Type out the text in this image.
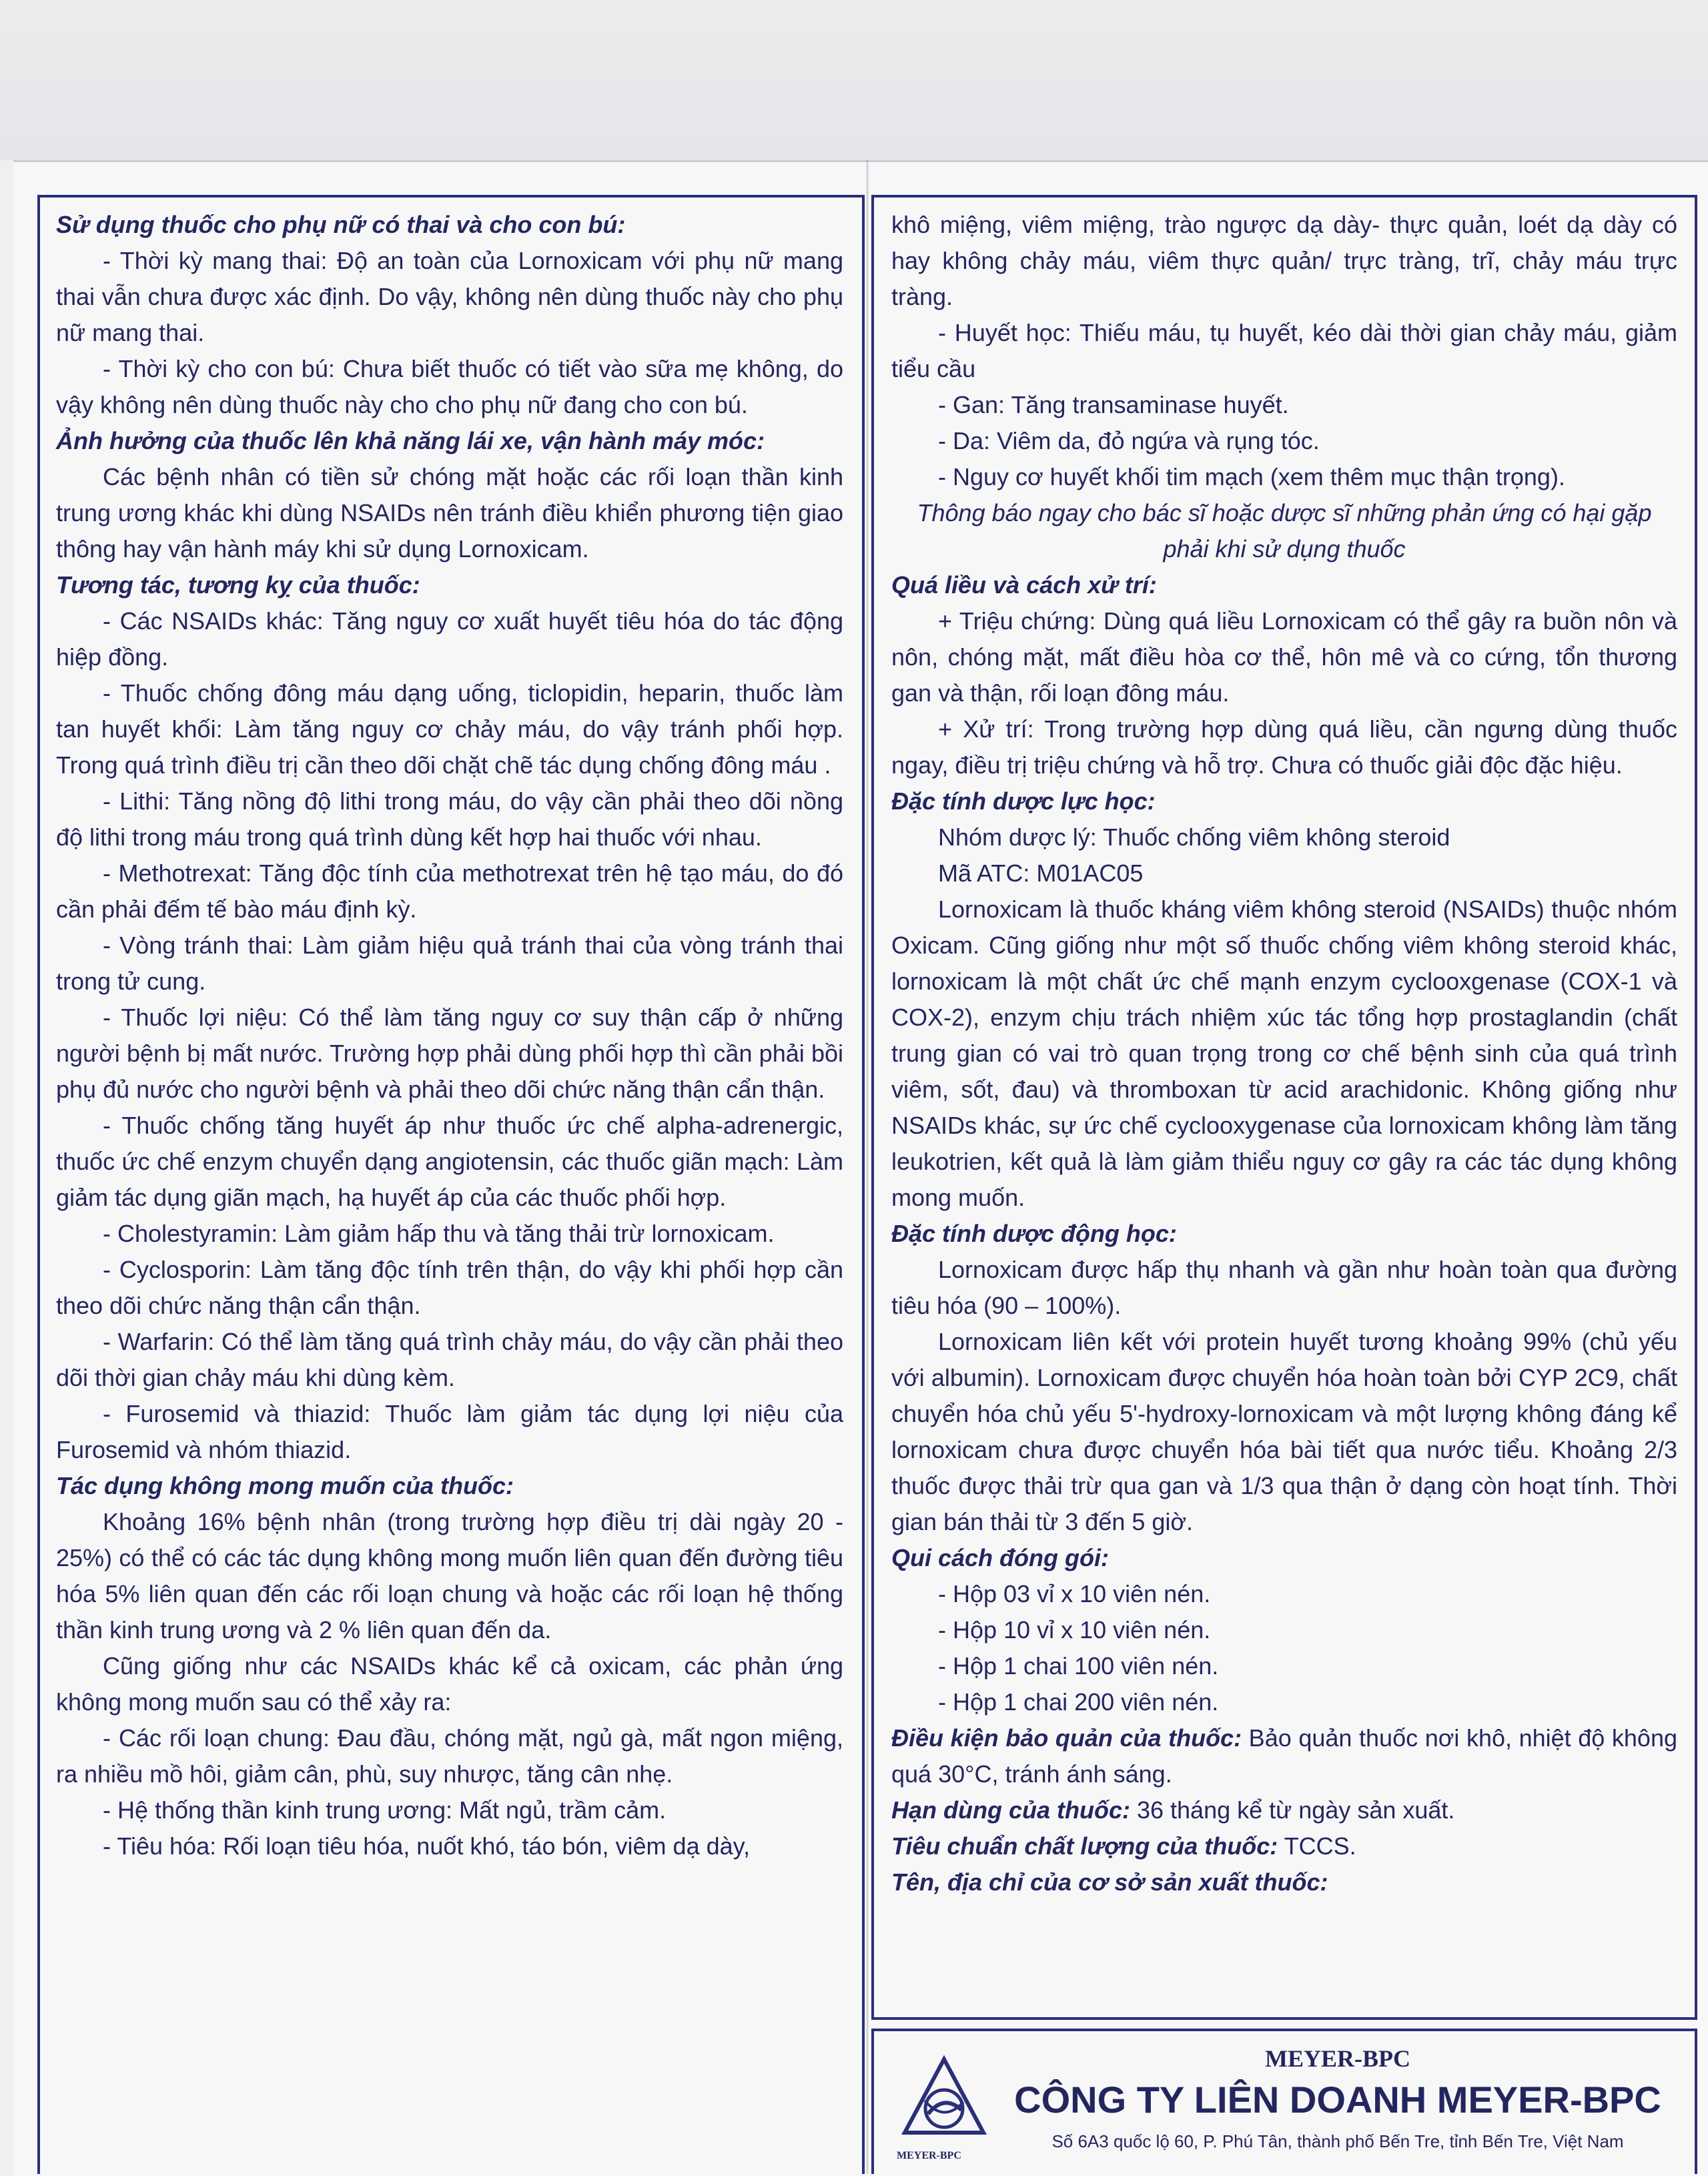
Sử dụng thuốc cho phụ nữ có thai và cho con bú:

- Thời kỳ mang thai: Độ an toàn của Lornoxicam với phụ nữ mang thai vẫn chưa được xác định. Do vậy, không nên dùng thuốc này cho phụ nữ mang thai.

- Thời kỳ cho con bú: Chưa biết thuốc có tiết vào sữa mẹ không, do vậy không nên dùng thuốc này cho cho phụ nữ đang cho con bú.

Ảnh hưởng của thuốc lên khả năng lái xe, vận hành máy móc:

Các bệnh nhân có tiền sử chóng mặt hoặc các rối loạn thần kinh trung ương khác khi dùng NSAIDs nên tránh điều khiển phương tiện giao thông hay vận hành máy khi sử dụng Lornoxicam.

Tương tác, tương kỵ của thuốc:

- Các NSAIDs khác: Tăng nguy cơ xuất huyết tiêu hóa do tác động hiệp đồng.

- Thuốc chống đông máu dạng uống, ticlopidin, heparin, thuốc làm tan huyết khối: Làm tăng nguy cơ chảy máu, do vậy tránh phối hợp. Trong quá trình điều trị cần theo dõi chặt chẽ tác dụng chống đông máu .

- Lithi: Tăng nồng độ lithi trong máu, do vậy cần phải theo dõi nồng độ lithi trong máu trong quá trình dùng kết hợp hai thuốc với nhau.

- Methotrexat: Tăng độc tính của methotrexat trên hệ tạo máu, do đó cần phải đếm tế bào máu định kỳ.

- Vòng tránh thai: Làm giảm hiệu quả tránh thai của vòng tránh thai trong tử cung.

- Thuốc lợi niệu: Có thể làm tăng nguy cơ suy thận cấp ở những người bệnh bị mất nước. Trường hợp phải dùng phối hợp thì cần phải bồi phụ đủ nước cho người bệnh và phải theo dõi chức năng thận cẩn thận.

- Thuốc chống tăng huyết áp như thuốc ức chế alpha-adrenergic, thuốc ức chế enzym chuyển dạng angiotensin, các thuốc giãn mạch: Làm giảm tác dụng giãn mạch, hạ huyết áp của các thuốc phối hợp.

- Cholestyramin: Làm giảm hấp thu và tăng thải trừ lornoxicam.

- Cyclosporin: Làm tăng độc tính trên thận, do vậy khi phối hợp cần theo dõi chức năng thận cẩn thận.

- Warfarin: Có thể làm tăng quá trình chảy máu, do vậy cần phải theo dõi thời gian chảy máu khi dùng kèm.

- Furosemid và thiazid: Thuốc làm giảm tác dụng lợi niệu của Furosemid và nhóm thiazid.

Tác dụng không mong muốn của thuốc:

Khoảng 16% bệnh nhân (trong trường hợp điều trị dài ngày 20 - 25%) có thể có các tác dụng không mong muốn liên quan đến đường tiêu hóa 5% liên quan đến các rối loạn chung và hoặc các rối loạn hệ thống thần kinh trung ương và 2 % liên quan đến da.

Cũng giống như các NSAIDs khác kể cả oxicam, các phản ứng không mong muốn sau có thể xảy ra:

- Các rối loạn chung: Đau đầu, chóng mặt, ngủ gà, mất ngon miệng, ra nhiều mồ hôi, giảm cân, phù, suy nhược, tăng cân nhẹ.

- Hệ thống thần kinh trung ương: Mất ngủ, trầm cảm.

- Tiêu hóa: Rối loạn tiêu hóa, nuốt khó, táo bón, viêm dạ dày,

khô miệng, viêm miệng, trào ngược dạ dày- thực quản, loét dạ dày có hay không chảy máu, viêm thực quản/ trực tràng, trĩ, chảy máu trực tràng.

- Huyết học: Thiếu máu, tụ huyết, kéo dài thời gian chảy máu, giảm tiểu cầu

- Gan: Tăng transaminase huyết.

- Da: Viêm da, đỏ ngứa và rụng tóc.

- Nguy cơ huyết khối tim mạch (xem thêm mục thận trọng).

Thông báo ngay cho bác sĩ hoặc dược sĩ những phản ứng có hại gặp phải khi sử dụng thuốc

Quá liều và cách xử trí:

+ Triệu chứng: Dùng quá liều Lornoxicam có thể gây ra buồn nôn và nôn, chóng mặt, mất điều hòa cơ thể, hôn mê và co cứng, tổn thương gan và thận, rối loạn đông máu.

+ Xử trí: Trong trường hợp dùng quá liều, cần ngưng dùng thuốc ngay, điều trị triệu chứng và hỗ trợ. Chưa có thuốc giải độc đặc hiệu.

Đặc tính dược lực học:

Nhóm dược lý: Thuốc chống viêm không steroid

Mã ATC: M01AC05

Lornoxicam là thuốc kháng viêm không steroid (NSAIDs) thuộc nhóm Oxicam. Cũng giống như một số thuốc chống viêm không steroid khác, lornoxicam là một chất ức chế mạnh enzym cyclooxgenase (COX-1 và COX-2), enzym chịu trách nhiệm xúc tác tổng hợp prostaglandin (chất trung gian có vai trò quan trọng trong cơ chế bệnh sinh của quá trình viêm, sốt, đau) và thromboxan từ acid arachidonic. Không giống như NSAIDs khác, sự ức chế cyclooxygenase của lornoxicam không làm tăng leukotrien, kết quả là làm giảm thiểu nguy cơ gây ra các tác dụng không mong muốn.

Đặc tính dược động học:

Lornoxicam được hấp thụ nhanh và gần như hoàn toàn qua đường tiêu hóa (90 – 100%).

Lornoxicam liên kết với protein huyết tương khoảng 99% (chủ yếu với albumin). Lornoxicam được chuyển hóa hoàn toàn bởi CYP 2C9, chất chuyển hóa chủ yếu 5'-hydroxy-lornoxicam và một lượng không đáng kể lornoxicam chưa được chuyển hóa bài tiết qua nước tiểu. Khoảng 2/3 thuốc được thải trừ qua gan và 1/3 qua thận ở dạng còn hoạt tính. Thời gian bán thải từ 3 đến 5 giờ.

Qui cách đóng gói:

- Hộp 03 vỉ x 10 viên nén.
- Hộp 10 vỉ x 10 viên nén.
- Hộp 1 chai 100 viên nén.
- Hộp 1 chai 200 viên nén.

Điều kiện bảo quản của thuốc: Bảo quản thuốc nơi khô, nhiệt độ không quá 30°C, tránh ánh sáng.

Hạn dùng của thuốc: 36 tháng kể từ ngày sản xuất.

Tiêu chuẩn chất lượng của thuốc: TCCS.

Tên, địa chỉ của cơ sở sản xuất thuốc:

MEYER-BPC
MEYER-BPC
CÔNG TY LIÊN DOANH MEYER-BPC
Số 6A3 quốc lộ 60, P. Phú Tân, thành phố Bến Tre, tỉnh Bến Tre, Việt Nam
